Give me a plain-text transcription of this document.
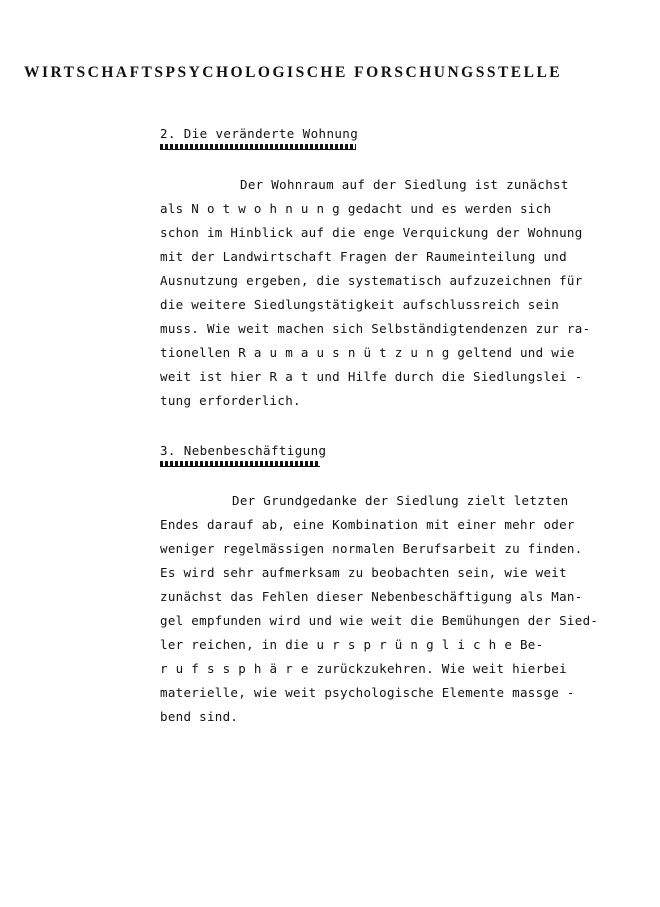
WIRTSCHAFTSPSYCHOLOGISCHE FORSCHUNGSSTELLE
2. Die veränderte Wohnung
Der Wohnraum auf der Siedlung ist zunächst
als N o t w o h n u n g gedacht und es werden sich
schon im Hinblick auf die enge Verquickung der Wohnung
mit der Landwirtschaft Fragen der Raumeinteilung und
Ausnutzung ergeben, die systematisch aufzuzeichnen für
die weitere Siedlungstätigkeit aufschlussreich sein
muss. Wie weit machen sich Selbständigtendenzen zur ra-
tionellen R a u m a u s n ü t z u n g geltend und wie
weit ist hier R a t und Hilfe durch die Siedlungslei -
tung erforderlich.
3. Nebenbeschäftigung
Der Grundgedanke der Siedlung zielt letzten
Endes darauf ab, eine Kombination mit einer mehr oder
weniger regelmässigen normalen Berufsarbeit zu finden.
Es wird sehr aufmerksam zu beobachten sein, wie weit
zunächst das Fehlen dieser Nebenbeschäftigung als Man-
gel empfunden wird und wie weit die Bemühungen der Sied-
ler reichen, in die u r s p r ü n g l i c h e Be-
r u f s s p h ä r e zurückzukehren. Wie weit hierbei
materielle, wie weit psychologische Elemente massge -
bend sind.
